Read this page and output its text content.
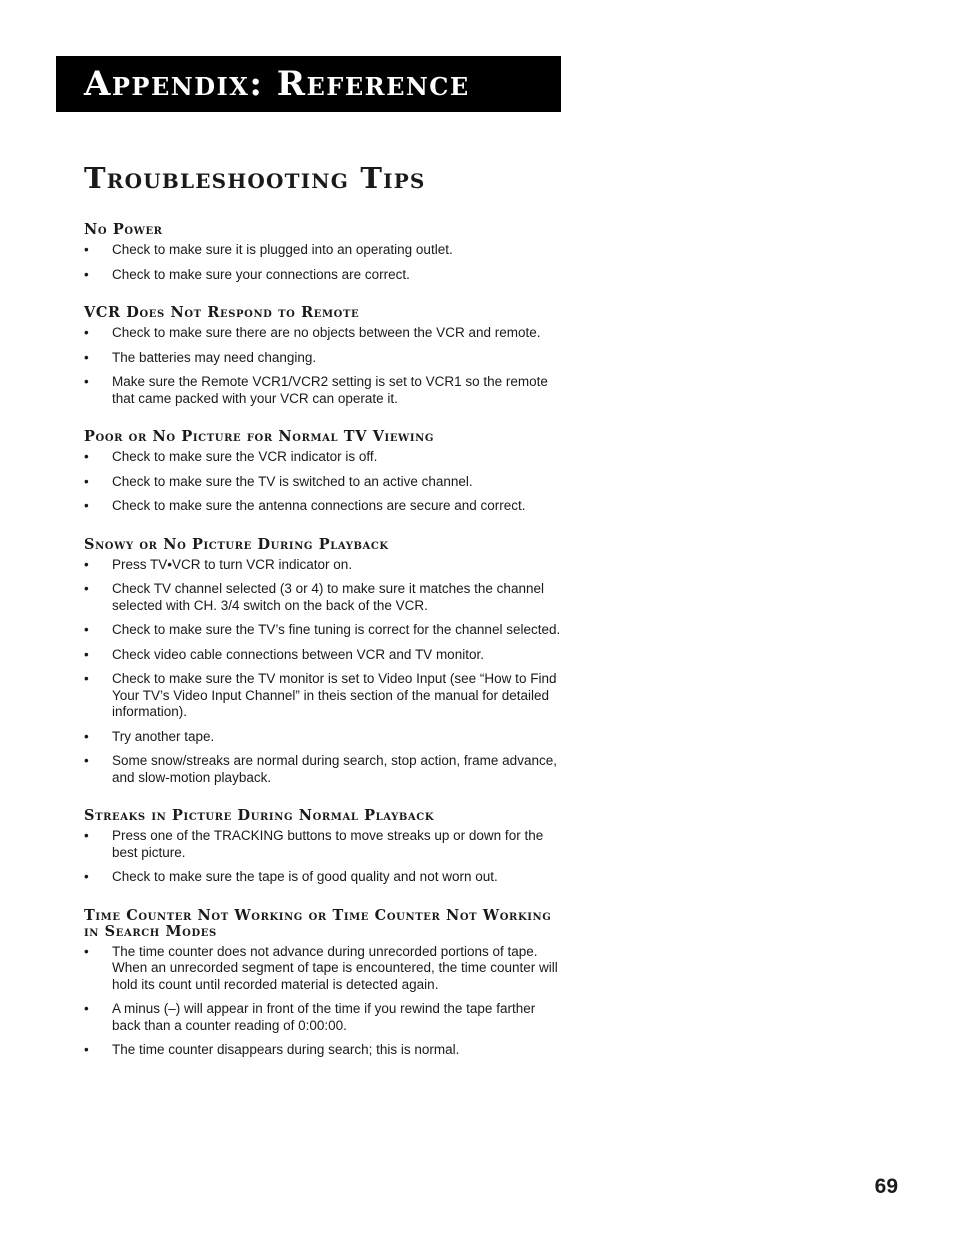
Appendix: Reference
Troubleshooting Tips
No Power
• Check to make sure it is plugged into an operating outlet.
• Check to make sure your connections are correct.
VCR Does Not Respond to Remote
• Check to make sure there are no objects between the VCR and remote.
• The batteries may need changing.
• Make sure the Remote VCR1/VCR2 setting is set to VCR1 so the remote that came packed with your VCR can operate it.
Poor or No Picture for Normal TV Viewing
• Check to make sure the VCR indicator is off.
• Check to make sure the TV is switched to an active channel.
• Check to make sure the antenna connections are secure and correct.
Snowy or No Picture During Playback
• Press TV•VCR to turn VCR indicator on.
• Check TV channel selected (3 or 4) to make sure it matches the channel selected with CH. 3/4 switch on the back of the VCR.
• Check to make sure the TV’s fine tuning is correct for the channel selected.
• Check video cable connections between VCR and TV monitor.
• Check to make sure the TV monitor is set to Video Input (see “How to Find Your TV’s Video Input Channel” in theis section of the manual for detailed information).
• Try another tape.
• Some snow/streaks are normal during search, stop action, frame advance, and slow-motion playback.
Streaks in Picture During Normal Playback
• Press one of the TRACKING buttons to move streaks up or down for the best picture.
• Check to make sure the tape is of good quality and not worn out.
Time Counter Not Working or Time Counter Not Working in Search Modes
• The time counter does not advance during unrecorded portions of tape. When an unrecorded segment of tape is encountered, the time counter will hold its count until recorded material is detected again.
• A minus (–) will appear in front of the time if you rewind the tape farther back than a counter reading of 0:00:00.
• The time counter disappears during search; this is normal.
69
